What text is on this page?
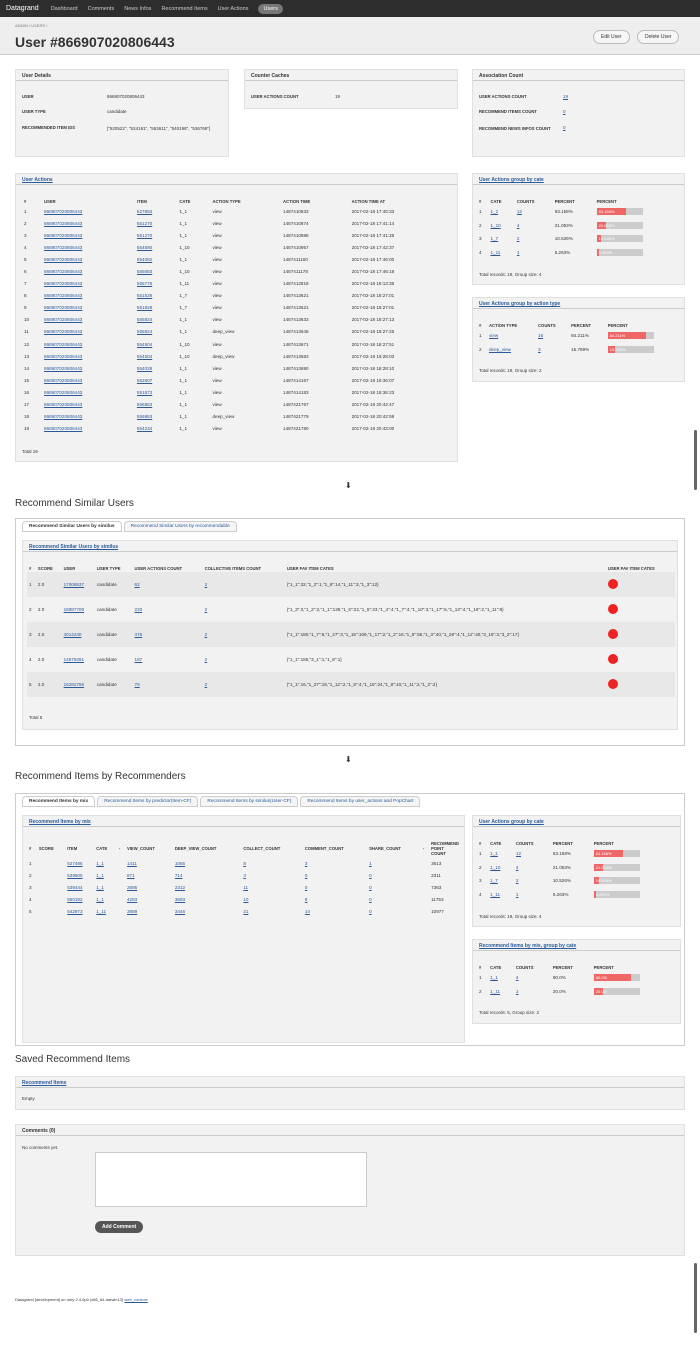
Datagrand Dashboard Comments News Infos Recommend Items User Actions	Users
ADMIN / USERS /
User #866907020806443	Edit User	Delete User
User Details
USER	866907020806443
USER TYPE	candidate
RECOMMENDED ITEM IDS	["520522", "534181", "553611", "540198", "536769"]
Counter Caches
USER ACTIONS COUNT	19
Association Count
USER ACTIONS COUNT	19
RECOMMEND ITEMS COUNT	0
RECOMMEND NEWS INFOS COUNT	0
User Actions
#	USER	ITEM	CATE	ACTION TYPE	ACTION TIME	ACTION TIME AT
1	866907020806443	527653	1_1	view	1487410833	2017-02-18 17:40:33
2	866907020806443	551270	1_1	view	1487410874	2017-02-18 17:41:14
3	866907020806443	551270	1_1	view	1487410888	2017-02-18 17:41:28
4	866907020806443	554580	1_10	view	1487410957	2017-02-18 17:42:37
5	866907020806443	554082	1_1	view	1487411160	2017-02-18 17:46:00
6	866907020806443	555083	1_10	view	1487411178	2017-02-18 17:46:18
7	866907020806443	555778	1_11	view	1487412818	2017-02-18 18:13:38
8	866907020806443	551528	1_7	view	1487413621	2017-02-18 18:27:01
9	866907020806443	551528	1_7	view	1487413621	2017-02-18 18:27:01
10	866907020806443	555824	1_1	view	1487413633	2017-02-18 18:27:13
11	866907020806443	555824	1_1	deep_view	1487413645	2017-02-18 18:27:25
12	866907020806443	554504	1_10	view	1487413671	2017-02-18 18:27:51
13	866907020806443	554504	1_10	deep_view	1487413683	2017-02-18 18:28:03
14	866907020806443	554028	1_1	view	1487413690	2017-02-18 18:28:10
15	866907020806443	552607	1_1	view	1487414167	2017-02-18 18:36:07
16	866907020806443	551873	1_1	view	1487414183	2017-02-18 18:36:23
17	866907020806443	556863	1_1	view	1487421767	2017-02-18 20:42:47
18	866907020806443	556863	1_1	deep_view	1487421779	2017-02-18 20:42:59
19	866907020806443	554234	1_1	view	1487421780	2017-02-18 20:43:00
Total 19
User Actions group by cate
#	CATE	COUNTS	PERCENT	PERCENT
1	1_1	12	63.158%	63.158%

2	1_10	4	21.053%	21.053%

3	1_7	2	10.526%	10.526%

4	1_11	1	5.263%	5.263%
Total records: 19, Group size: 4
User Actions group by action type
#	ACTION TYPE	COUNTS	PERCENT	PERCENT
1	view	16	84.211%	84.211%

2	deep_view	3	15.789%	15.789%
Total records: 19, Group size: 2
⬇
Recommend Similar Users
Recommend Similar Users by similus	Recommend Similar Users by recommendable
Recommend Similar Users by similus
#	SCORE	USER	USER TYPE	USER ACTIONS COUNT	COLLECTIVE ITEMS COUNT	USER FAV ITEM CATES	USER FAV ITEM CATES
1	2.0	17008537	candidate	62	2	{"1_1":32,"1_2":1,"1_6":14,"1_11":3,"1_3":12}	
2	2.0	16887709	candidate	220	2	{"1_3":3,"1_2":2,"1_1":139,"1_6":22,"1_5":23,"1_4":4,"1_7":4,"1_10":3,"1_17":6,"1_13":4,"1_16":2,"1_11":8}	
3	2.0	4014240	candidate	475	2	{"1_1":180,"1_7":6,"1_27":3,"1_15":109,"1_17":2,"1_2":16,"1_6":55,"1_3":40,"1_28":4,"1_11":40,"3_15":3,"3_2":17}	
4	2.0	14679491	candidate	187	2	{"1_1":185,"3_1":1,"1_6":1}	
5	2.0	16282766	candidate	79	2	{"1_1":16,"1_27":19,"1_12":2,"1_8":4,"1_15":24,"1_8":10,"1_11":2,"1_2":2}	
Total 5
⬇
Recommend Items by Recommenders
Recommend Items by mix	Recommend Items by predictor(Item-CF)	Recommend Items by similus(User-CF)	Recommend Items by user_actions and PopChart
Recommend Items by mix
#	SCORE	ITEM	CATE	-	VIEW_COUNT	DEEP_VIEW_COUNT	COLLECT_COUNT	COMMENT_COUNT	SHARE_COUNT	-	RECOMMEND POINT COUNT
1		527486	1_1		1411	1065	8	3	1		3613
2		539505	1_1		871	714	3	0	0		2311
3		539444	1_1		2695	2312	11	0	0		7363
4		550192	1_1		4283	3683	10	8	0		11753
5		542973	1_11		3889	3446	21	14	0		10977
User Actions group by cate
#	CATE	COUNTS	PERCENT	PERCENT
1	1_1	12	63.158%	63.158%

2	1_10	4	21.053%	21.053%

3	1_7	2	10.526%	10.526%

4	1_11	1	5.263%	5.263%
Total records: 19, Group size: 4
Recommend Items by mix, group by cate
#	CATE	COUNTS	PERCENT	PERCENT
1	1_1	4	80.0%	80.0%

2	1_11	1	20.0%	20.0%
Total records: 5, Group size: 2
Saved Recommend Items
Recommend Items
Empty
Comments (0)
No comments yet.
Add Comment
Datagrand [development] on ruby 2.4.0p0 (x86_64-darwin13) web_console
